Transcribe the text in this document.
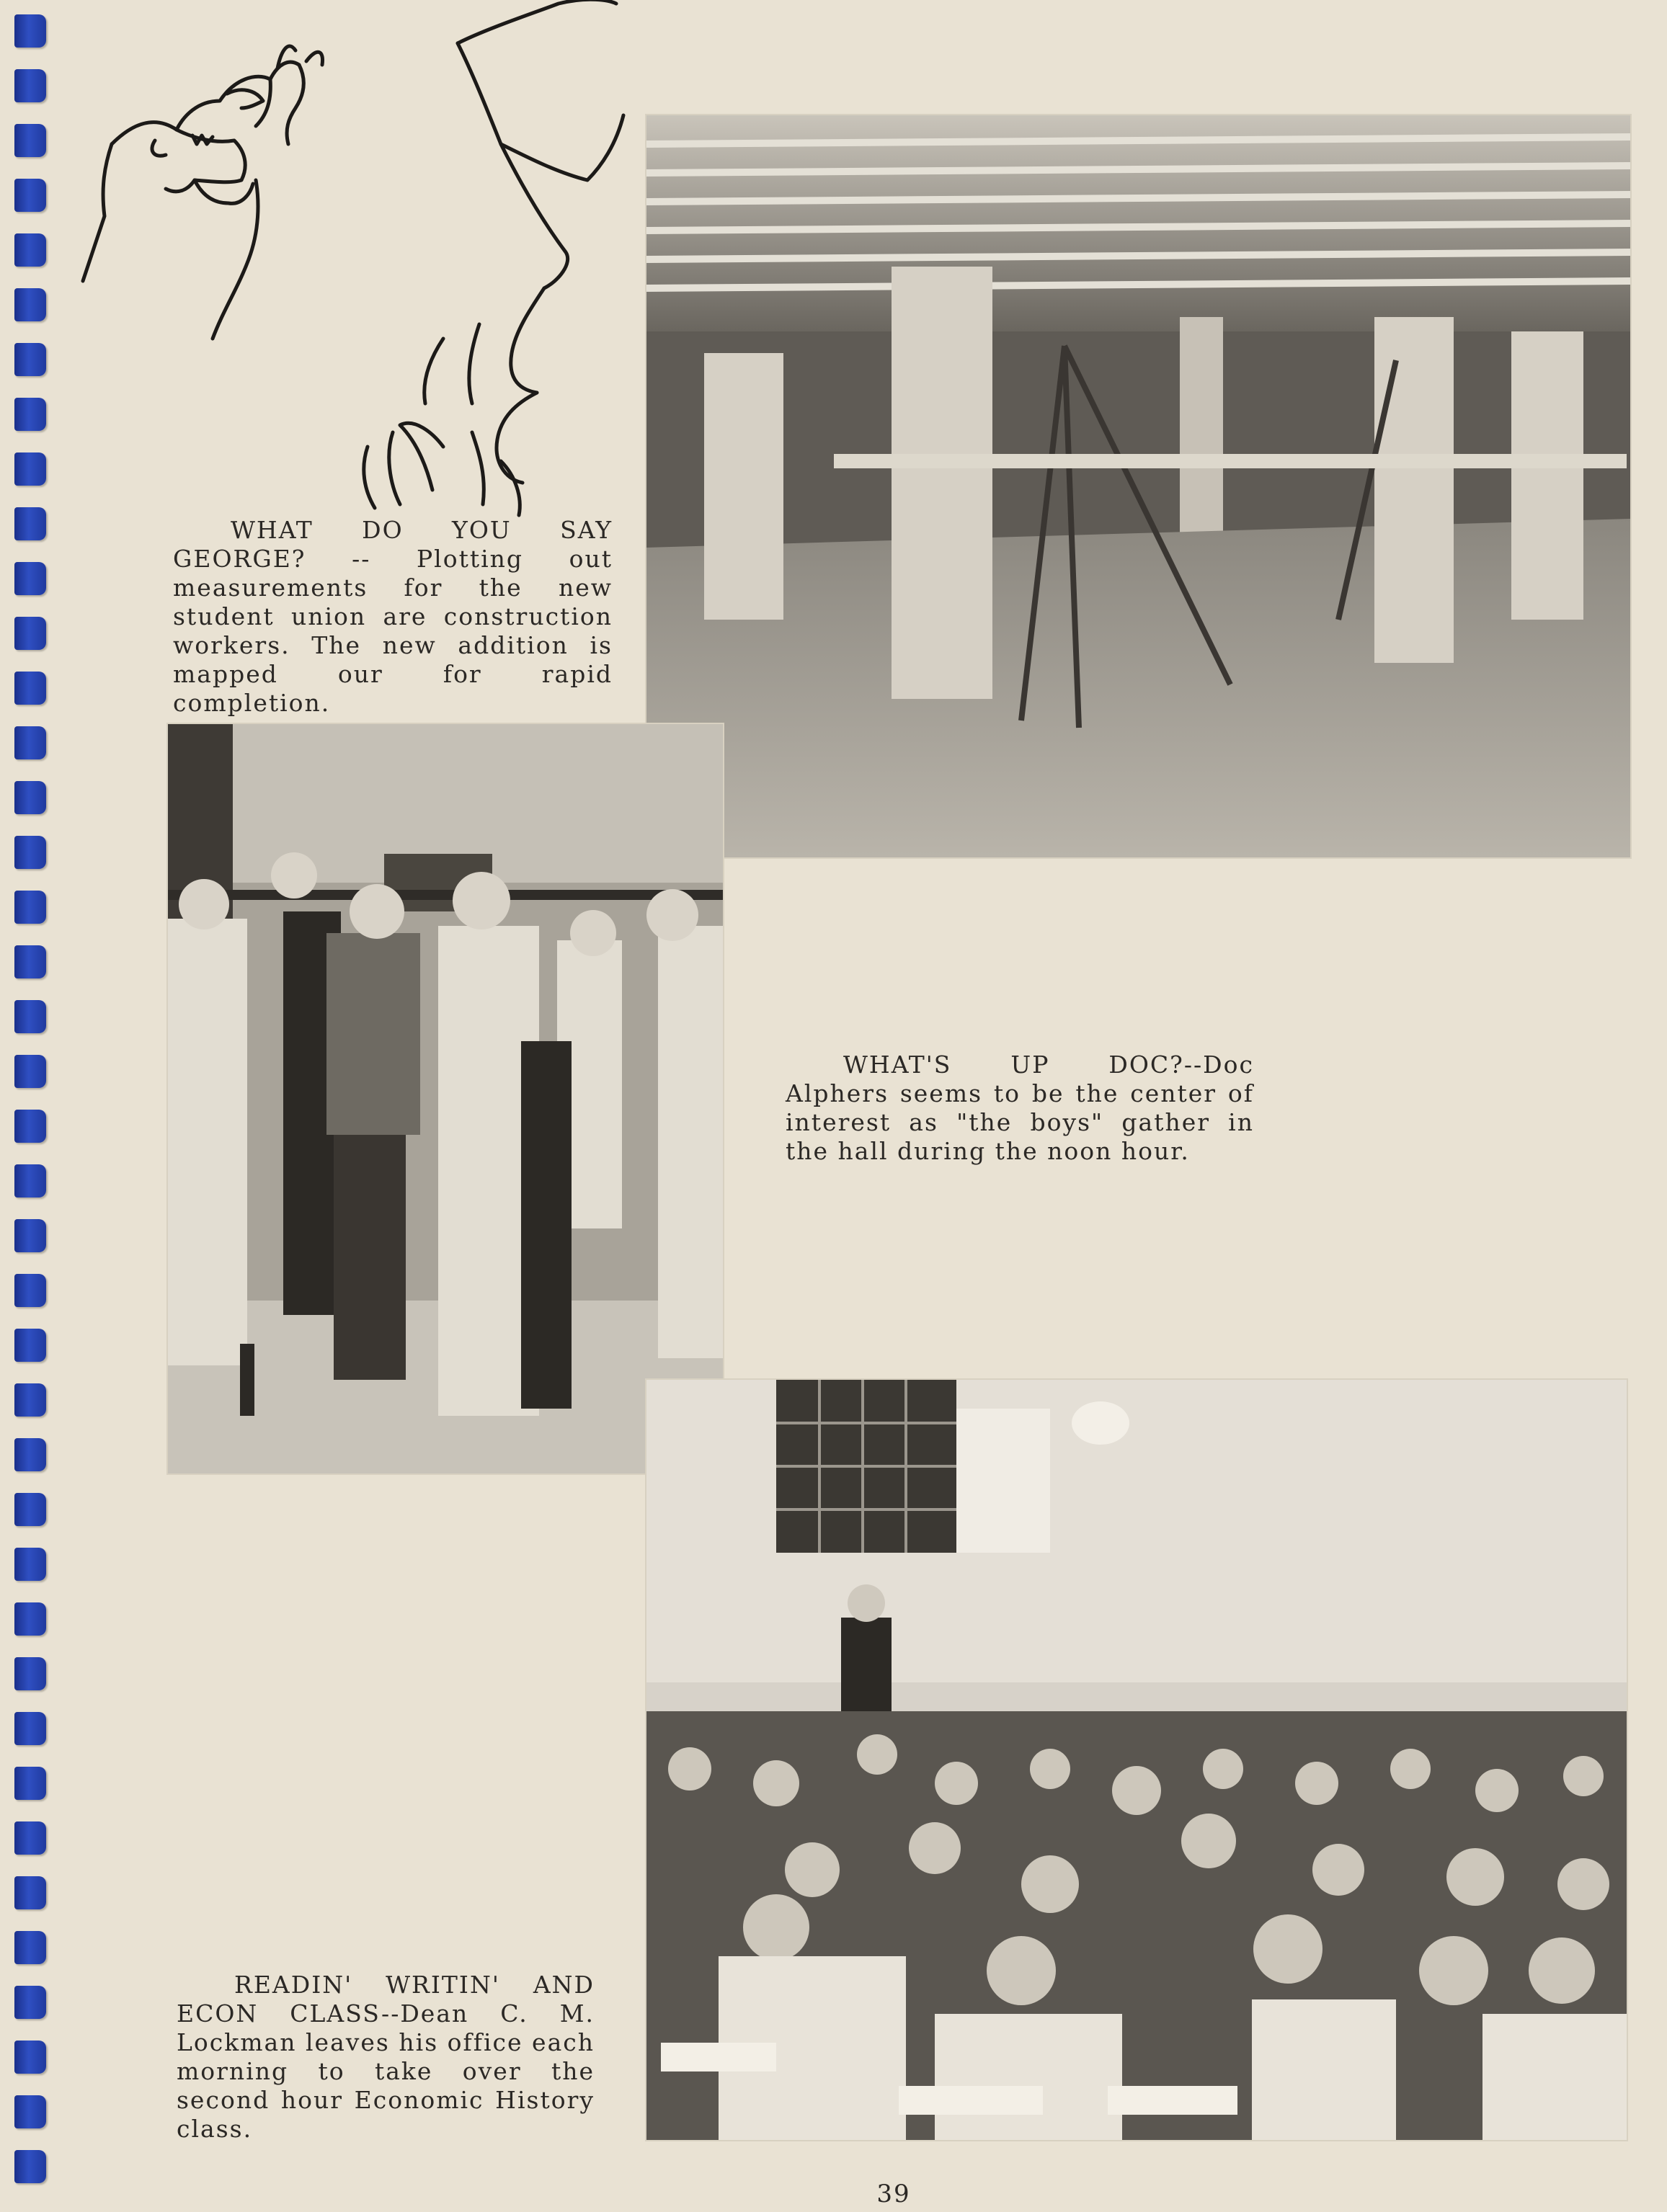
WHAT DO YOU SAY GEORGE? -- Plotting out measurements for the new student union are construction workers. The new addition is mapped our for rapid completion.
WHAT'S UP DOC?--Doc Alphers seems to be the center of interest as "the boys" gather in the hall during the noon hour.
READIN' WRITIN' AND ECON CLASS--Dean C. M. Lockman leaves his office each morning to take over the second hour Economic History class.
39
